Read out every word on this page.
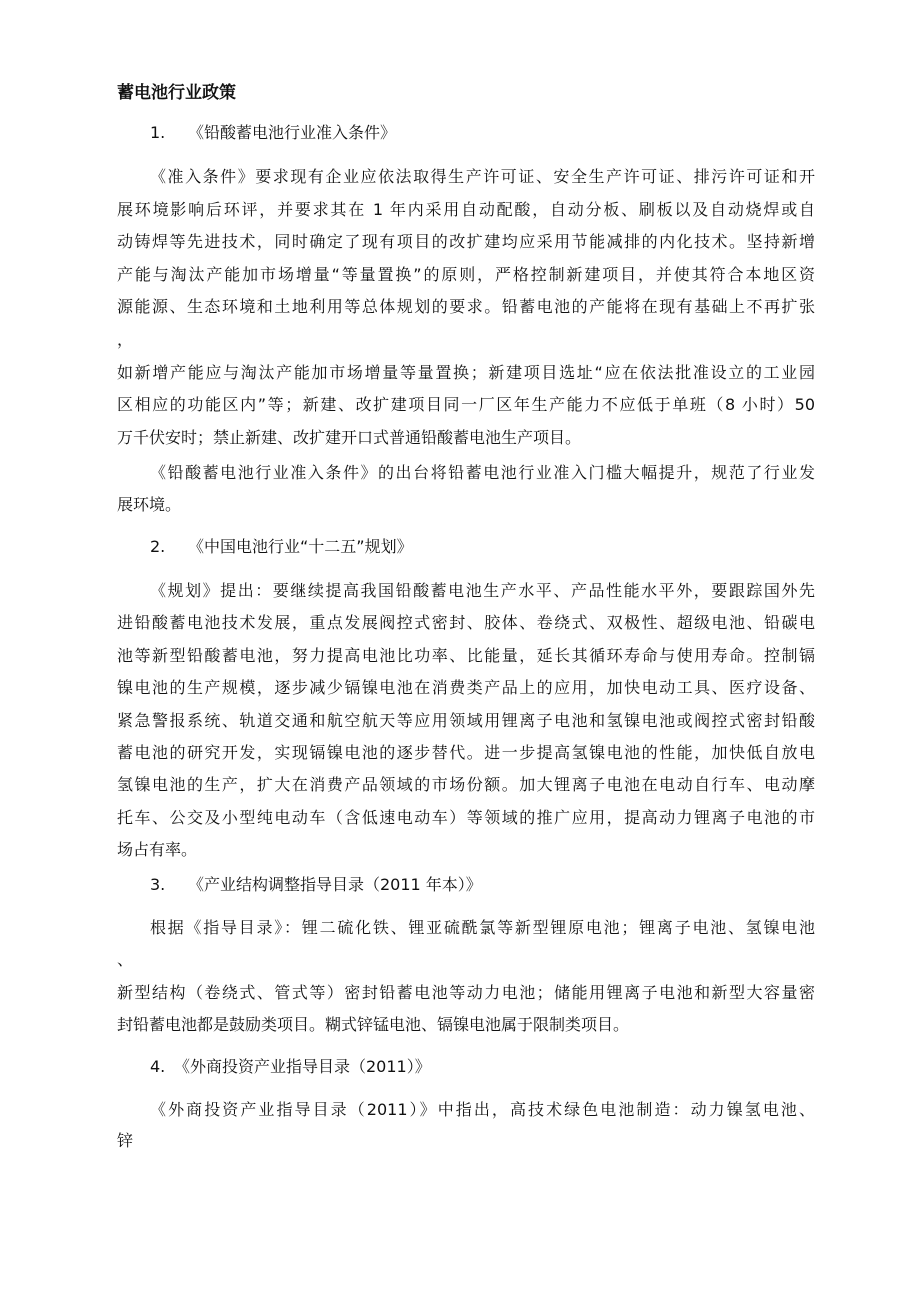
蓄电池行业政策
1. 《铅酸蓄电池行业准入条件》
《准入条件》要求现有企业应依法取得生产许可证、安全生产许可证、排污许可证和开
展环境影响后环评，并要求其在 1 年内采用自动配酸，自动分板、刷板以及自动烧焊或自
动铸焊等先进技术，同时确定了现有项目的改扩建均应采用节能减排的内化技术。坚持新增
产能与淘汰产能加市场增量“等量置换”的原则，严格控制新建项目，并使其符合本地区资
源能源、生态环境和土地利用等总体规划的要求。铅蓄电池的产能将在现有基础上不再扩张
，
如新增产能应与淘汰产能加市场增量等量置换；新建项目选址“应在依法批准设立的工业园
区相应的功能区内”等；新建、改扩建项目同一厂区年生产能力不应低于单班（8 小时）50
万千伏安时；禁止新建、改扩建开口式普通铅酸蓄电池生产项目。
《铅酸蓄电池行业准入条件》的出台将铅蓄电池行业准入门槛大幅提升，规范了行业发
展环境。
2. 《中国电池行业“十二五”规划》
《规划》提出：要继续提高我国铅酸蓄电池生产水平、产品性能水平外，要跟踪国外先
进铅酸蓄电池技术发展，重点发展阀控式密封、胶体、卷绕式、双极性、超级电池、铅碳电
池等新型铅酸蓄电池，努力提高电池比功率、比能量，延长其循环寿命与使用寿命。控制镉
镍电池的生产规模，逐步减少镉镍电池在消费类产品上的应用，加快电动工具、医疗设备、
紧急警报系统、轨道交通和航空航天等应用领域用锂离子电池和氢镍电池或阀控式密封铅酸
蓄电池的研究开发，实现镉镍电池的逐步替代。进一步提高氢镍电池的性能，加快低自放电
氢镍电池的生产，扩大在消费产品领域的市场份额。加大锂离子电池在电动自行车、电动摩
托车、公交及小型纯电动车（含低速电动车）等领域的推广应用，提高动力锂离子电池的市
场占有率。
3. 《产业结构调整指导目录（2011 年本）》
根据《指导目录》：锂二硫化铁、锂亚硫酰氯等新型锂原电池；锂离子电池、氢镍电池
、
新型结构（卷绕式、管式等）密封铅蓄电池等动力电池；储能用锂离子电池和新型大容量密
封铅蓄电池都是鼓励类项目。糊式锌锰电池、镉镍电池属于限制类项目。
4. 《外商投资产业指导目录（2011）》
《外商投资产业指导目录（2011）》中指出，高技术绿色电池制造：动力镍氢电池、
锌
